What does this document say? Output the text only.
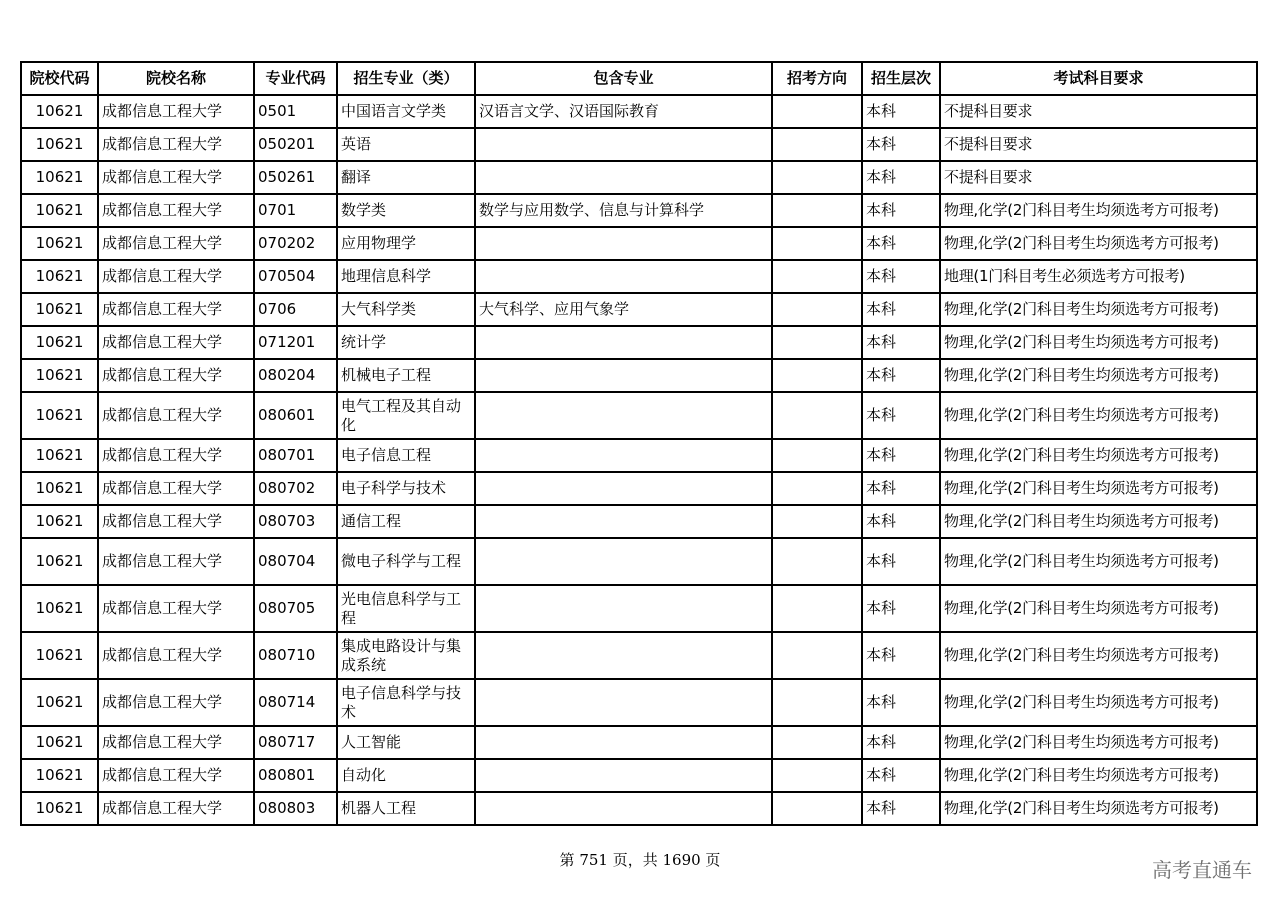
院校代码	院校名称	专业代码	招生专业（类）	包含专业	招考方向	招生层次	考试科目要求
10621	成都信息工程大学	0501	中国语言文学类	汉语言文学、汉语国际教育		本科	不提科目要求
10621	成都信息工程大学	050201	英语			本科	不提科目要求
10621	成都信息工程大学	050261	翻译			本科	不提科目要求
10621	成都信息工程大学	0701	数学类	数学与应用数学、信息与计算科学		本科	物理,化学(2门科目考生均须选考方可报考)
10621	成都信息工程大学	070202	应用物理学			本科	物理,化学(2门科目考生均须选考方可报考)
10621	成都信息工程大学	070504	地理信息科学			本科	地理(1门科目考生必须选考方可报考)
10621	成都信息工程大学	0706	大气科学类	大气科学、应用气象学		本科	物理,化学(2门科目考生均须选考方可报考)
10621	成都信息工程大学	071201	统计学			本科	物理,化学(2门科目考生均须选考方可报考)
10621	成都信息工程大学	080204	机械电子工程			本科	物理,化学(2门科目考生均须选考方可报考)
10621	成都信息工程大学	080601	电气工程及其自动化			本科	物理,化学(2门科目考生均须选考方可报考)
10621	成都信息工程大学	080701	电子信息工程			本科	物理,化学(2门科目考生均须选考方可报考)
10621	成都信息工程大学	080702	电子科学与技术			本科	物理,化学(2门科目考生均须选考方可报考)
10621	成都信息工程大学	080703	通信工程			本科	物理,化学(2门科目考生均须选考方可报考)
10621	成都信息工程大学	080704	微电子科学与工程			本科	物理,化学(2门科目考生均须选考方可报考)
10621	成都信息工程大学	080705	光电信息科学与工程			本科	物理,化学(2门科目考生均须选考方可报考)
10621	成都信息工程大学	080710	集成电路设计与集成系统			本科	物理,化学(2门科目考生均须选考方可报考)
10621	成都信息工程大学	080714	电子信息科学与技术			本科	物理,化学(2门科目考生均须选考方可报考)
10621	成都信息工程大学	080717	人工智能			本科	物理,化学(2门科目考生均须选考方可报考)
10621	成都信息工程大学	080801	自动化			本科	物理,化学(2门科目考生均须选考方可报考)
10621	成都信息工程大学	080803	机器人工程			本科	物理,化学(2门科目考生均须选考方可报考)
第 751 页，共 1690 页	高考直通车
